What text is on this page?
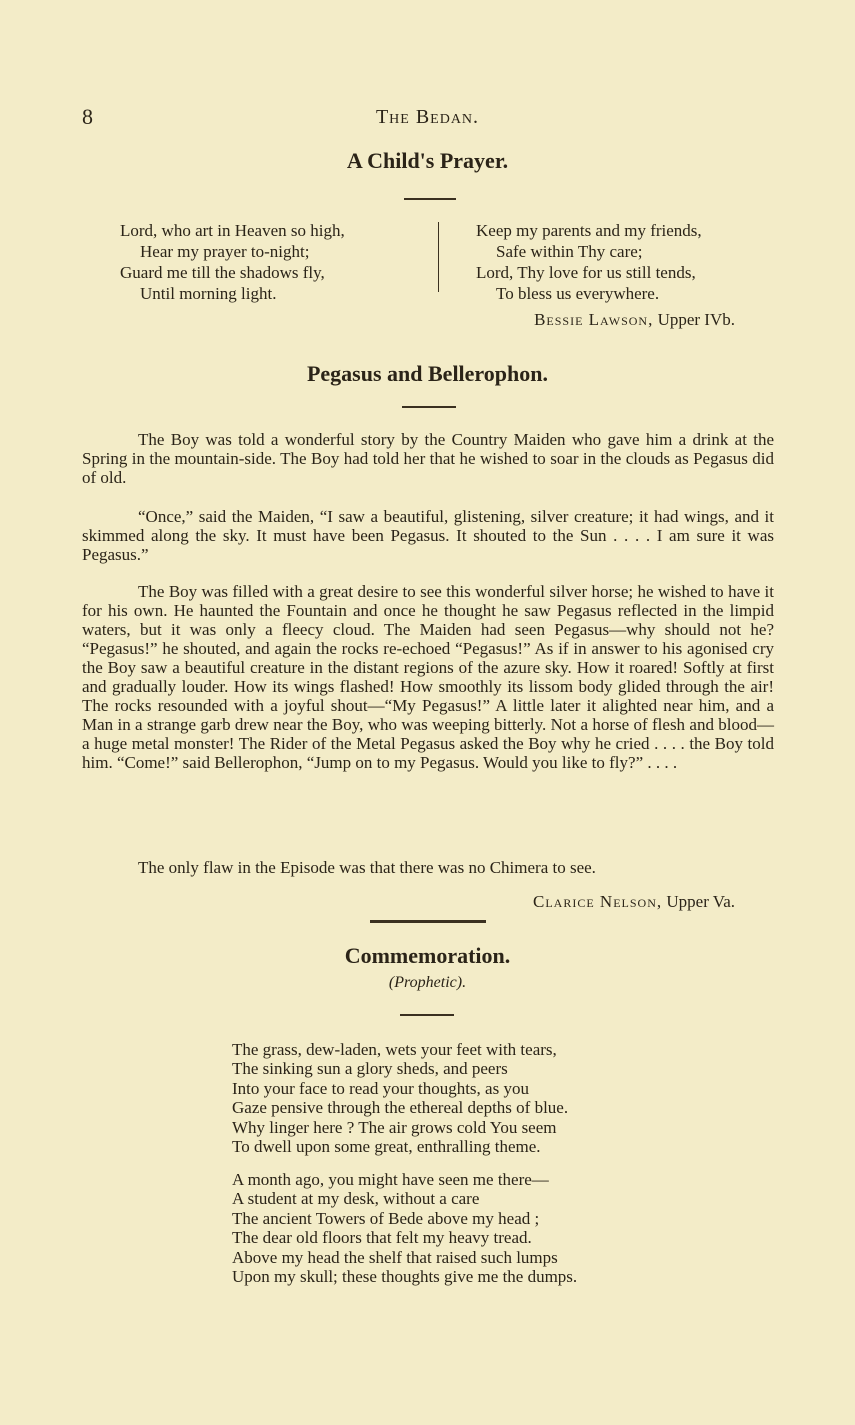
8	The Bedan.
A Child's Prayer.
Lord, who art in Heaven so high,
Hear my prayer to-night;
Guard me till the shadows fly,
Until morning light.
Keep my parents and my friends,
Safe within Thy care;
Lord, Thy love for us still tends,
To bless us everywhere.
Bessie Lawson, Upper IVb.
Pegasus and Bellerophon.
The Boy was told a wonderful story by the Country Maiden who gave him a drink at the Spring in the mountain-side. The Boy had told her that he wished to soar in the clouds as Pegasus did of old.
“Once,” said the Maiden, “I saw a beautiful, glistening, silver creature; it had wings, and it skimmed along the sky. It must have been Pegasus. It shouted to the Sun . . . . I am sure it was Pegasus.”
The Boy was filled with a great desire to see this wonderful silver horse; he wished to have it for his own. He haunted the Fountain and once he thought he saw Pegasus reflected in the limpid waters, but it was only a fleecy cloud. The Maiden had seen Pegasus—why should not he? “Pegasus!” he shouted, and again the rocks re-echoed “Pegasus!” As if in answer to his agonised cry the Boy saw a beautiful creature in the distant regions of the azure sky. How it roared! Softly at first and gradually louder. How its wings flashed! How smoothly its lissom body glided through the air! The rocks resounded with a joyful shout—“My Pegasus!” A little later it alighted near him, and a Man in a strange garb drew near the Boy, who was weeping bitterly. Not a horse of flesh and blood—a huge metal monster! The Rider of the Metal Pegasus asked the Boy why he cried . . . . the Boy told him. “Come!” said Bellerophon, “Jump on to my Pegasus. Would you like to fly?” . . . .
The only flaw in the Episode was that there was no Chimera to see.
Clarice Nelson, Upper Va.
Commemoration.
(Prophetic).
The grass, dew-laden, wets your feet with tears,
The sinking sun a glory sheds, and peers
Into your face to read your thoughts, as you
Gaze pensive through the ethereal depths of blue.
Why linger here ? The air grows cold You seem
To dwell upon some great, enthralling theme.
A month ago, you might have seen me there—
A student at my desk, without a care
The ancient Towers of Bede above my head ;
The dear old floors that felt my heavy tread.
Above my head the shelf that raised such lumps
Upon my skull; these thoughts give me the dumps.
